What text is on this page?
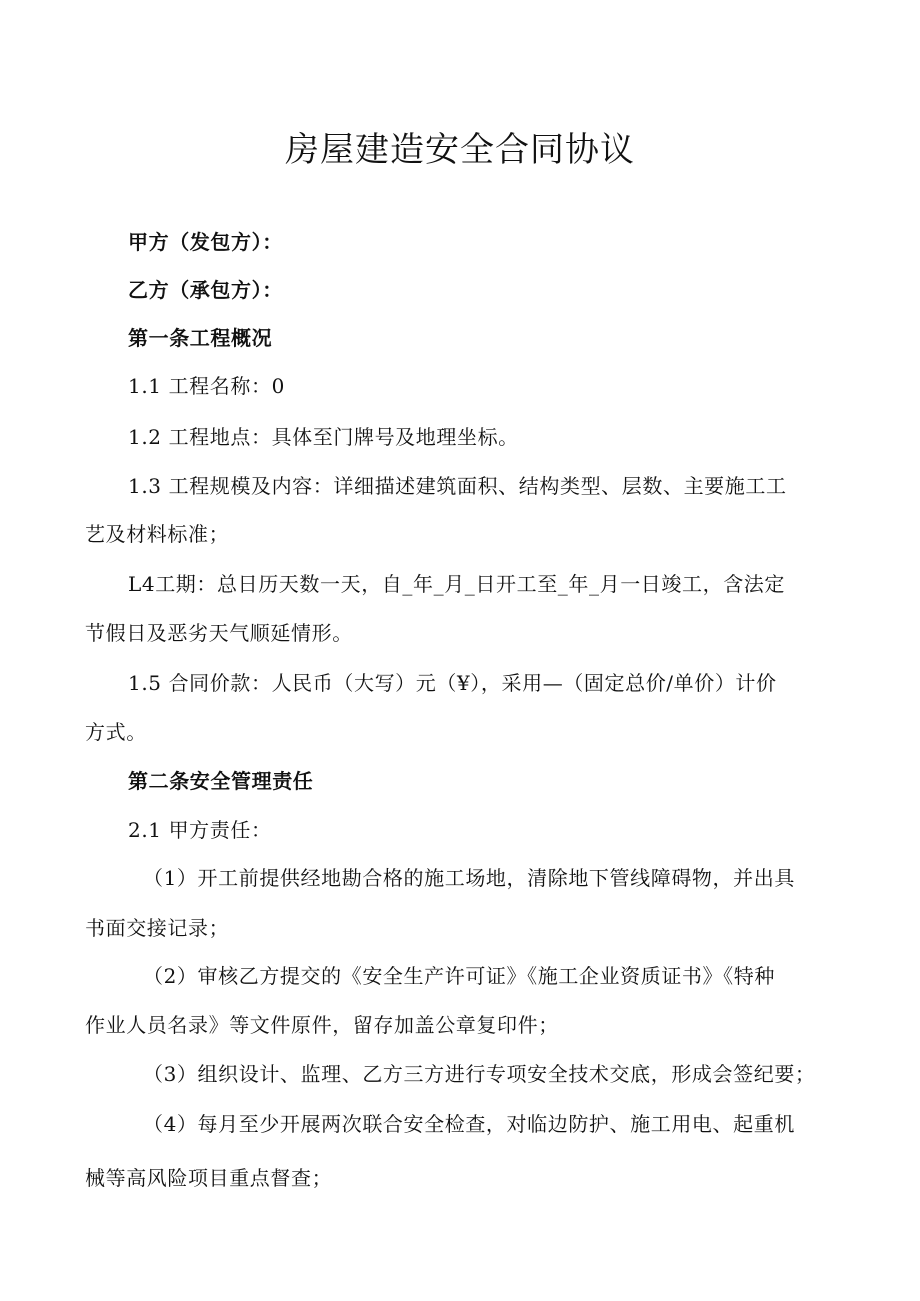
房屋建造安全合同协议
甲方（发包方）：
乙方（承包方）：
第一条工程概况
1.1 工程名称：0
1.2 工程地点：具体至门牌号及地理坐标。
1.3 工程规模及内容：详细描述建筑面积、结构类型、层数、主要施工工
艺及材料标准；
L4工期：总日历天数一天，自_年_月_日开工至_年_月一日竣工，含法定
节假日及恶劣天气顺延情形。
1.5 合同价款：人民币（大写）元（¥），采用—（固定总价/单价）计价
方式。
第二条安全管理责任
2.1 甲方责任：
（1）开工前提供经地勘合格的施工场地，清除地下管线障碍物，并出具
书面交接记录；
（2）审核乙方提交的《安全生产许可证》《施工企业资质证书》《特种
作业人员名录》等文件原件，留存加盖公章复印件；
（3）组织设计、监理、乙方三方进行专项安全技术交底，形成会签纪要；
（4）每月至少开展两次联合安全检查，对临边防护、施工用电、起重机
械等高风险项目重点督查；
